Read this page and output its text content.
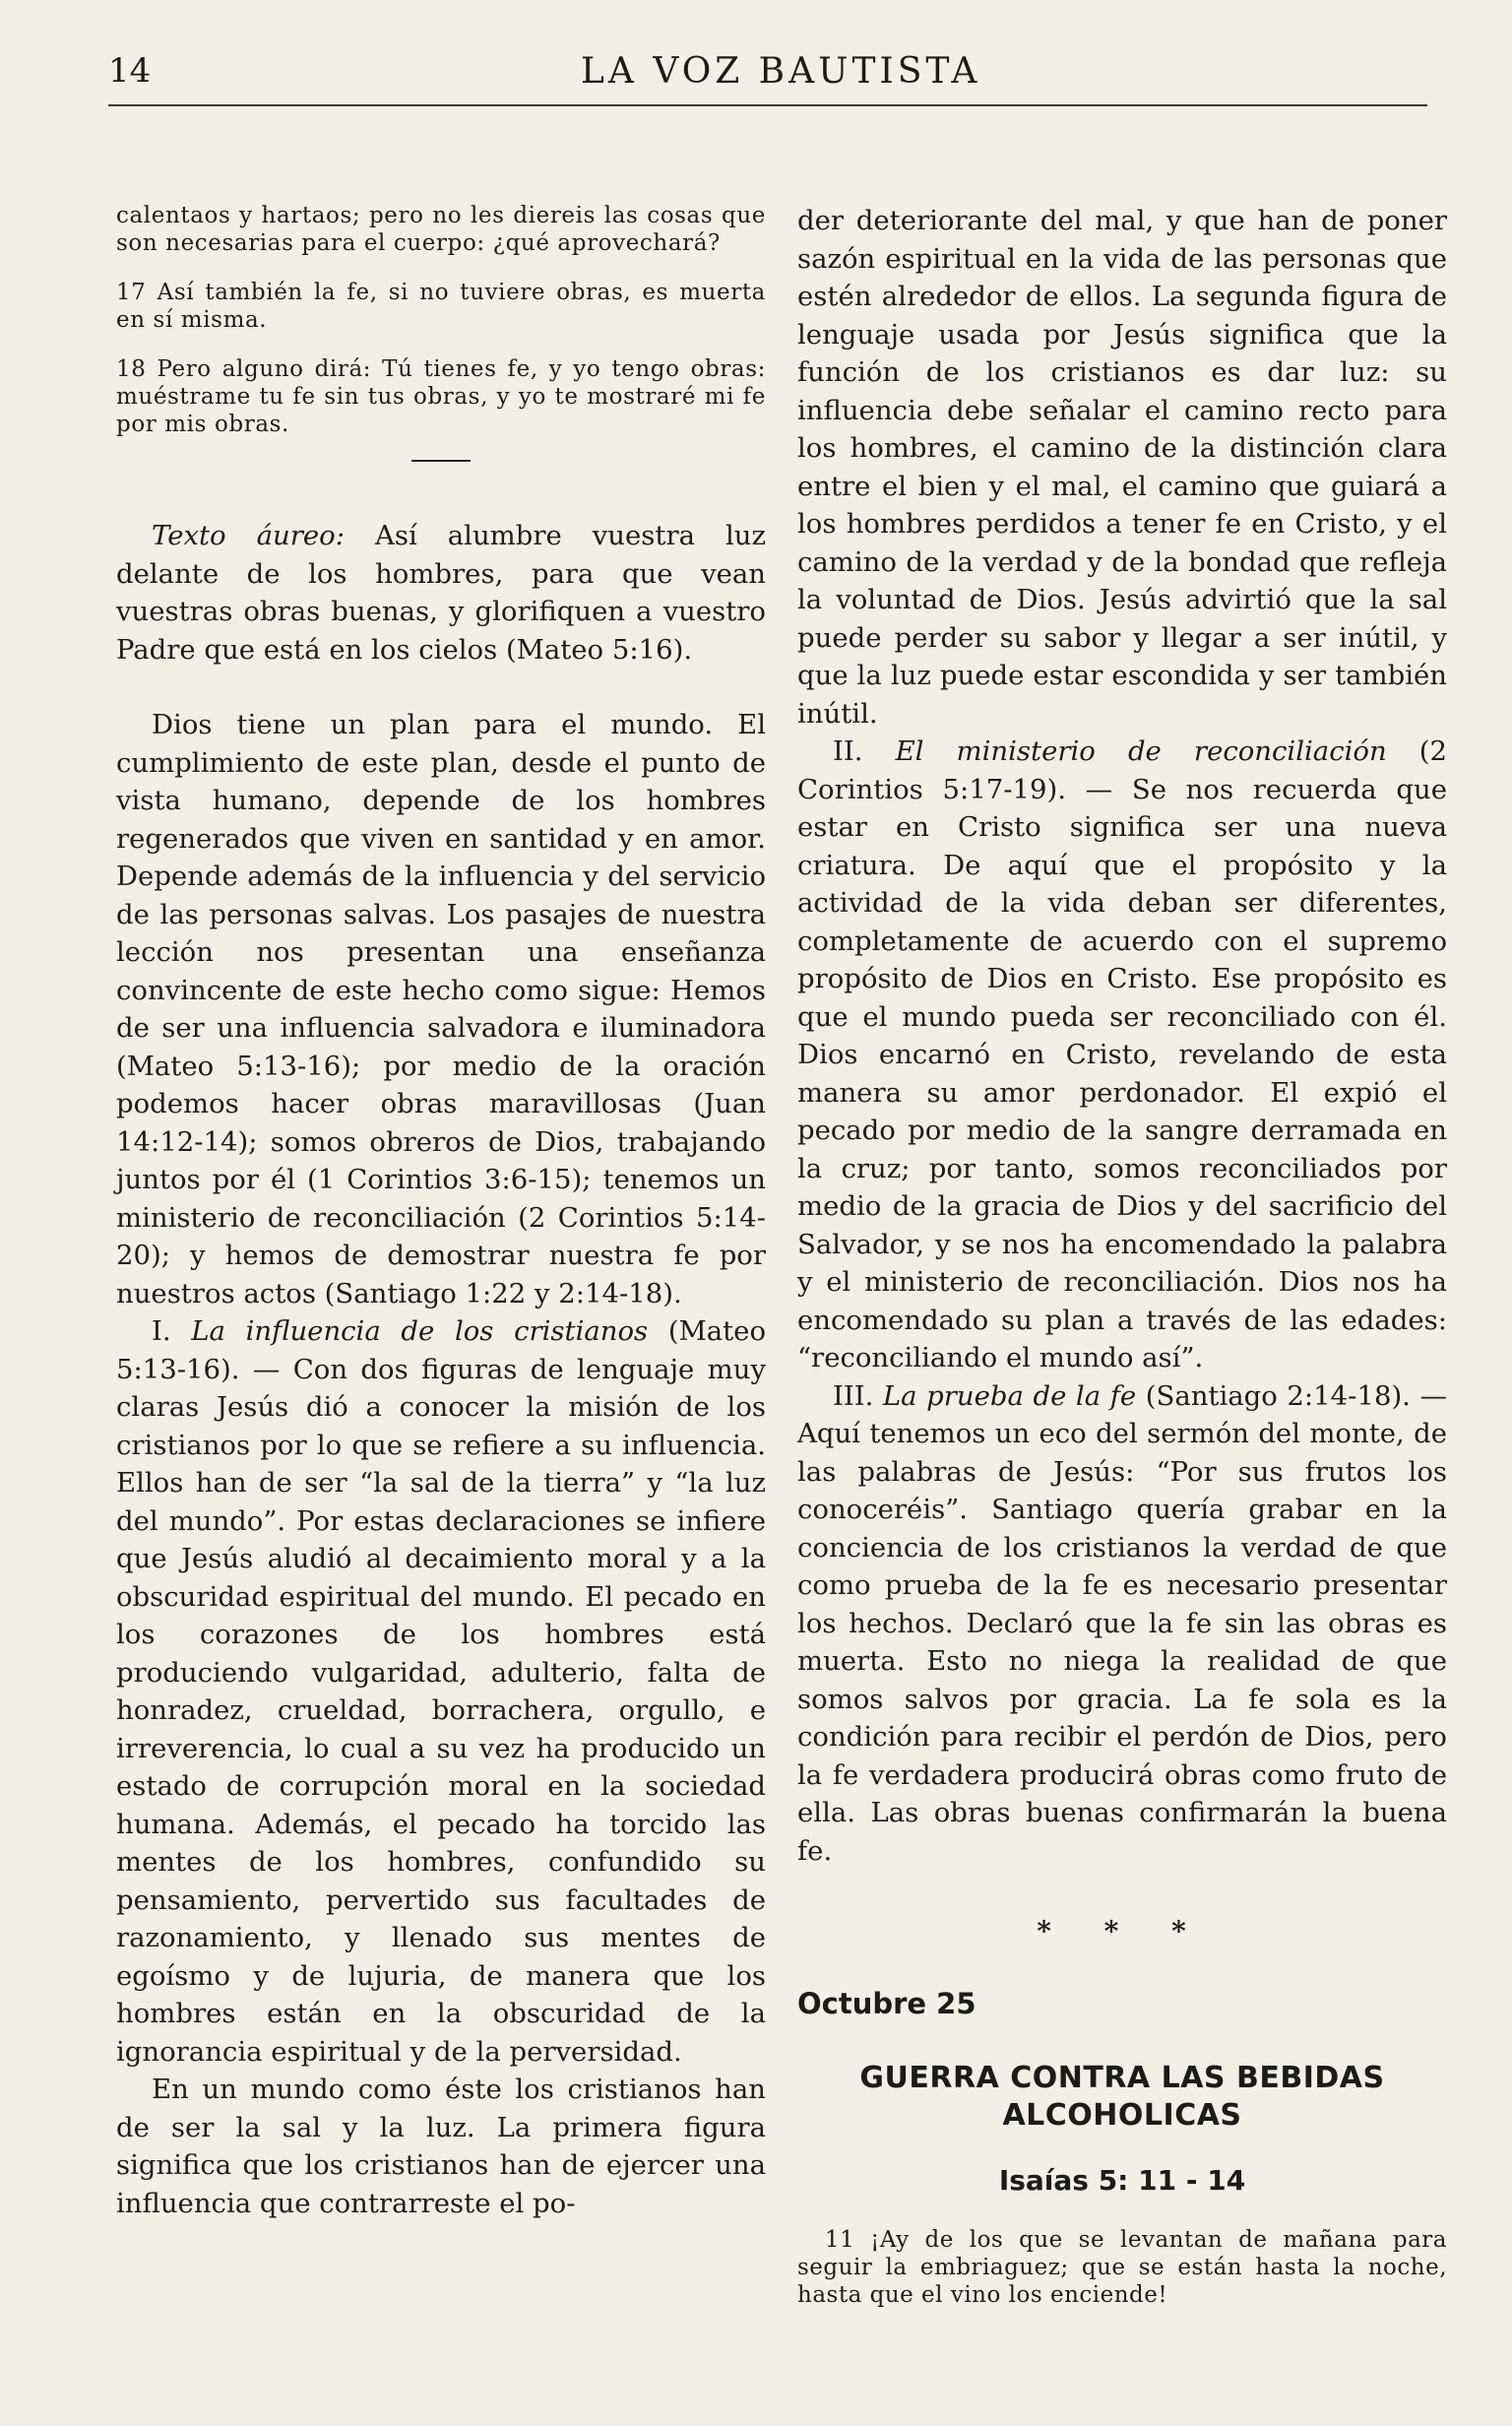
14	LA VOZ BAUTISTA

calentaos y hartaos; pero no les diereis las cosas que son necesarias para el cuerpo: ¿qué aprovechará?

17 Así también la fe, si no tuviere obras, es muerta en sí misma.

18 Pero alguno dirá: Tú tienes fe, y yo tengo obras: muéstrame tu fe sin tus obras, y yo te mostraré mi fe por mis obras.

Texto áureo: Así alumbre vuestra luz delante de los hombres, para que vean vuestras obras buenas, y glorifiquen a vuestro Padre que está en los cielos (Mateo 5:16).

Dios tiene un plan para el mundo. El cumplimiento de este plan, desde el punto de vista humano, depende de los hombres regenerados que viven en santidad y en amor. Depende además de la influencia y del servicio de las personas salvas. Los pasajes de nuestra lección nos presentan una enseñanza convincente de este hecho como sigue: Hemos de ser una influencia salvadora e iluminadora (Mateo 5:13-16); por medio de la oración podemos hacer obras maravillosas (Juan 14:12-14); somos obreros de Dios, trabajando juntos por él (1 Corintios 3:6-15); tenemos un ministerio de reconciliación (2 Corintios 5:14-20); y hemos de demostrar nuestra fe por nuestros actos (Santiago 1:22 y 2:14-18).

I. La influencia de los cristianos (Mateo 5:13-16). — Con dos figuras de lenguaje muy claras Jesús dió a conocer la misión de los cristianos por lo que se refiere a su influencia. Ellos han de ser “la sal de la tierra” y “la luz del mundo”. Por estas declaraciones se infiere que Jesús aludió al decaimiento moral y a la obscuridad espiritual del mundo. El pecado en los corazones de los hombres está produciendo vulgaridad, adulterio, falta de honradez, crueldad, borrachera, orgullo, e irreverencia, lo cual a su vez ha producido un estado de corrupción moral en la sociedad humana. Además, el pecado ha torcido las mentes de los hombres, confundido su pensamiento, pervertido sus facultades de razonamiento, y llenado sus mentes de egoísmo y de lujuria, de manera que los hombres están en la obscuridad de la ignorancia espiritual y de la perversidad.

En un mundo como éste los cristianos han de ser la sal y la luz. La primera figura significa que los cristianos han de ejercer una influencia que contrarreste el po-

der deteriorante del mal, y que han de poner sazón espiritual en la vida de las personas que estén alrededor de ellos. La segunda figura de lenguaje usada por Jesús significa que la función de los cristianos es dar luz: su influencia debe señalar el camino recto para los hombres, el camino de la distinción clara entre el bien y el mal, el camino que guiará a los hombres perdidos a tener fe en Cristo, y el camino de la verdad y de la bondad que refleja la voluntad de Dios. Jesús advirtió que la sal puede perder su sabor y llegar a ser inútil, y que la luz puede estar escondida y ser también inútil.

II. El ministerio de reconciliación (2 Corintios 5:17-19). — Se nos recuerda que estar en Cristo significa ser una nueva criatura. De aquí que el propósito y la actividad de la vida deban ser diferentes, completamente de acuerdo con el supremo propósito de Dios en Cristo. Ese propósito es que el mundo pueda ser reconciliado con él. Dios encarnó en Cristo, revelando de esta manera su amor perdonador. El expió el pecado por medio de la sangre derramada en la cruz; por tanto, somos reconciliados por medio de la gracia de Dios y del sacrificio del Salvador, y se nos ha encomendado la palabra y el ministerio de reconciliación. Dios nos ha encomendado su plan a través de las edades: “reconciliando el mundo así”.

III. La prueba de la fe (Santiago 2:14-18). — Aquí tenemos un eco del sermón del monte, de las palabras de Jesús: “Por sus frutos los conoceréis”. Santiago quería grabar en la conciencia de los cristianos la verdad de que como prueba de la fe es necesario presentar los hechos. Declaró que la fe sin las obras es muerta. Esto no niega la realidad de que somos salvos por gracia. La fe sola es la condición para recibir el perdón de Dios, pero la fe verdadera producirá obras como fruto de ella. Las obras buenas confirmarán la buena fe.

* * *
Octubre 25
GUERRA CONTRA LAS BEBIDAS
ALCOHOLICAS
Isaías 5: 11 - 14

11 ¡Ay de los que se levantan de mañana para seguir la embriaguez; que se están hasta la noche, hasta que el vino los enciende!
